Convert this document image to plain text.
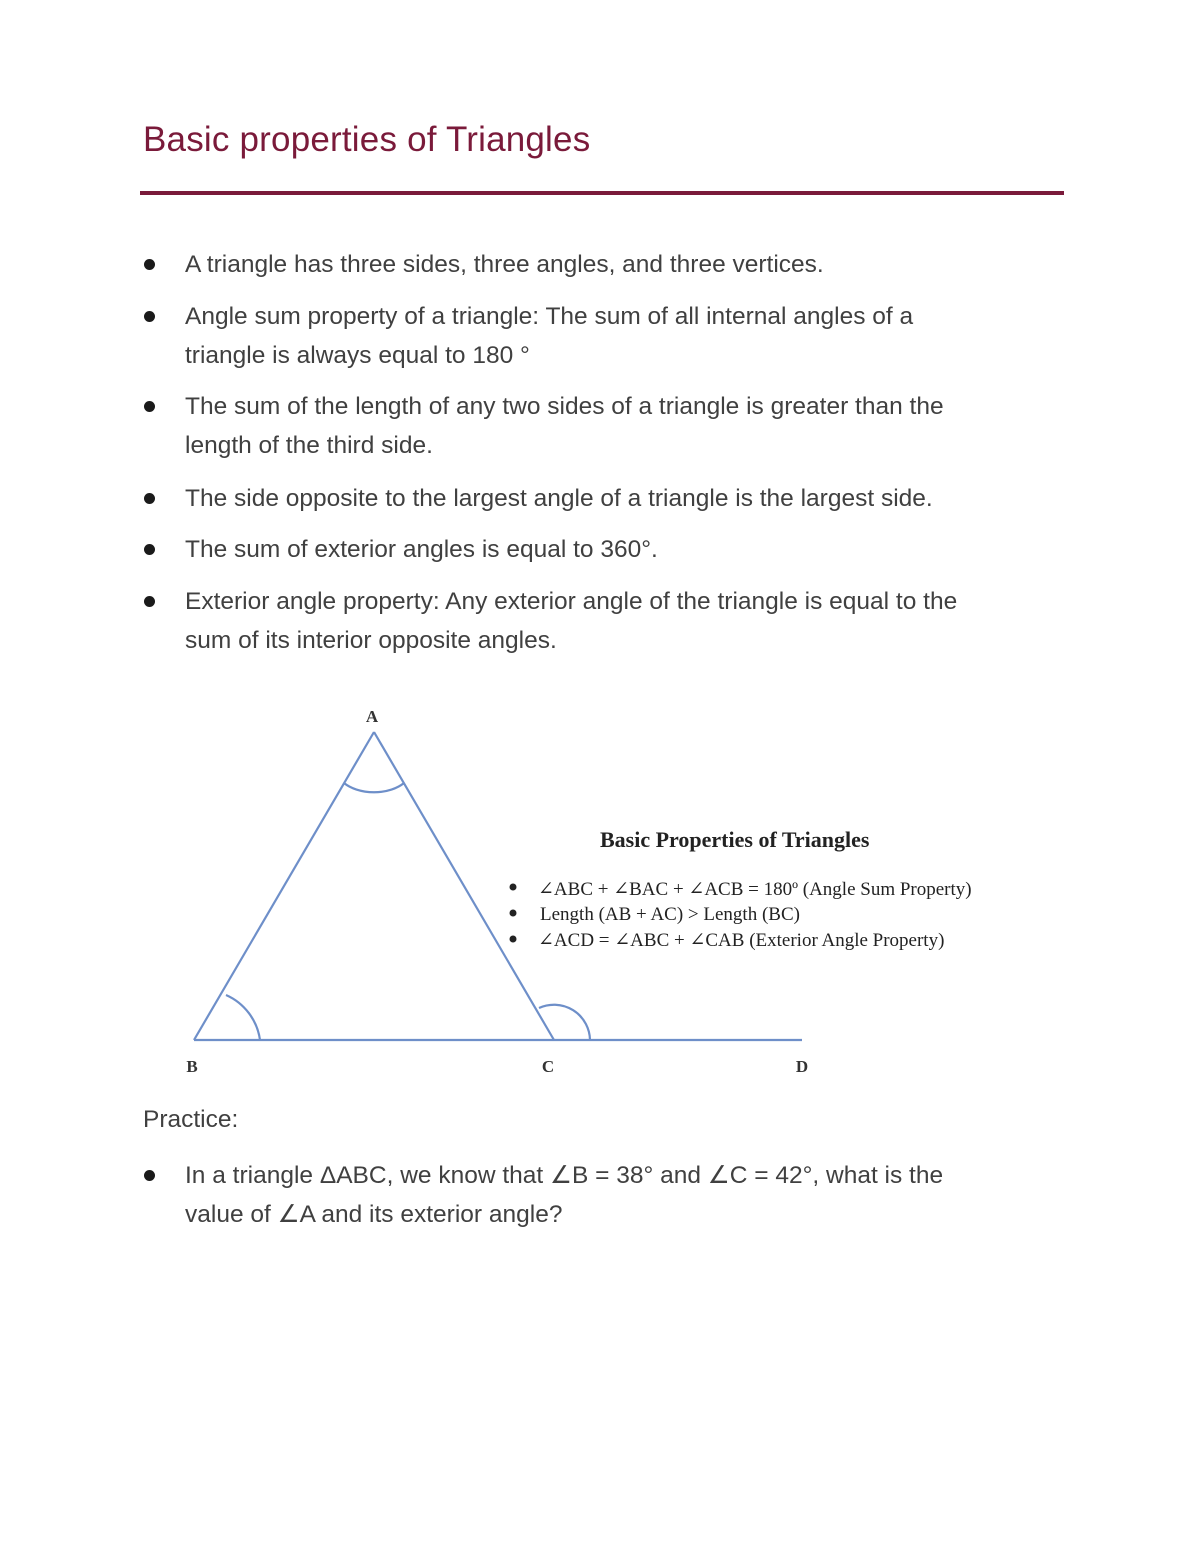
Basic properties of Triangles
A triangle has three sides, three angles, and three vertices.
Angle sum property of a triangle: The sum of all internal angles of a
triangle is always equal to 180 °
The sum of the length of any two sides of a triangle is greater than the
length of the third side.
The side opposite to the largest angle of a triangle is the largest side.
The sum of exterior angles is equal to 360°.
Exterior angle property: Any exterior angle of the triangle is equal to the
sum of its interior opposite angles.
A
B	C	D
Basic Properties of Triangles
∠ABC + ∠BAC + ∠ACB = 180º (Angle Sum Property)
Length (AB + AC) > Length (BC)
∠ACD = ∠ABC + ∠CAB (Exterior Angle Property)
Practice:
In a triangle ΔABC, we know that ∠B = 38° and ∠C = 42°, what is the
value of ∠A and its exterior angle?
